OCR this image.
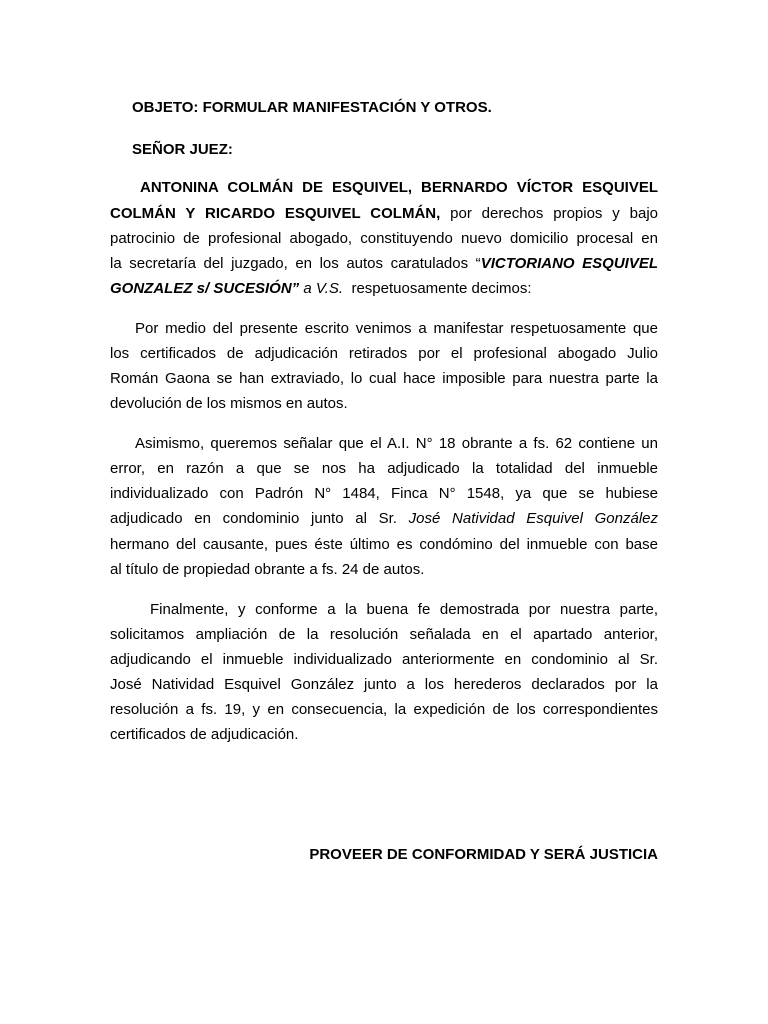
OBJETO: FORMULAR MANIFESTACIÓN Y OTROS.

SEÑOR JUEZ:

ANTONINA COLMÁN DE ESQUIVEL, BERNARDO VÍCTOR ESQUIVEL

COLMÁN Y RICARDO ESQUIVEL COLMÁN, por derechos propios y bajo

patrocinio de profesional abogado, constituyendo nuevo domicilio procesal en

la secretaría del juzgado, en los autos caratulados “VICTORIANO ESQUIVEL

GONZALEZ s/ SUCESIÓN” a V.S.  respetuosamente decimos:

Por medio del presente escrito venimos a manifestar respetuosamente que

los certificados de adjudicación retirados por el profesional abogado Julio

Román Gaona se han extraviado, lo cual hace imposible para nuestra parte la

devolución de los mismos en autos.

Asimismo, queremos señalar que el A.I. N° 18 obrante a fs. 62 contiene un

error, en razón a que se nos ha adjudicado la totalidad del inmueble

individualizado con Padrón N° 1484, Finca N° 1548, ya que se hubiese

adjudicado en condominio junto al Sr. José Natividad Esquivel González

hermano del causante, pues éste último es condómino del inmueble con base

al título de propiedad obrante a fs. 24 de autos.

Finalmente, y conforme a la buena fe demostrada por nuestra parte,

solicitamos ampliación de la resolución señalada en el apartado anterior,

adjudicando el inmueble individualizado anteriormente en condominio al Sr.

José Natividad Esquivel González junto a los herederos declarados por la

resolución a fs. 19, y en consecuencia, la expedición de los correspondientes

certificados de adjudicación.

PROVEER DE CONFORMIDAD Y SERÁ JUSTICIA
